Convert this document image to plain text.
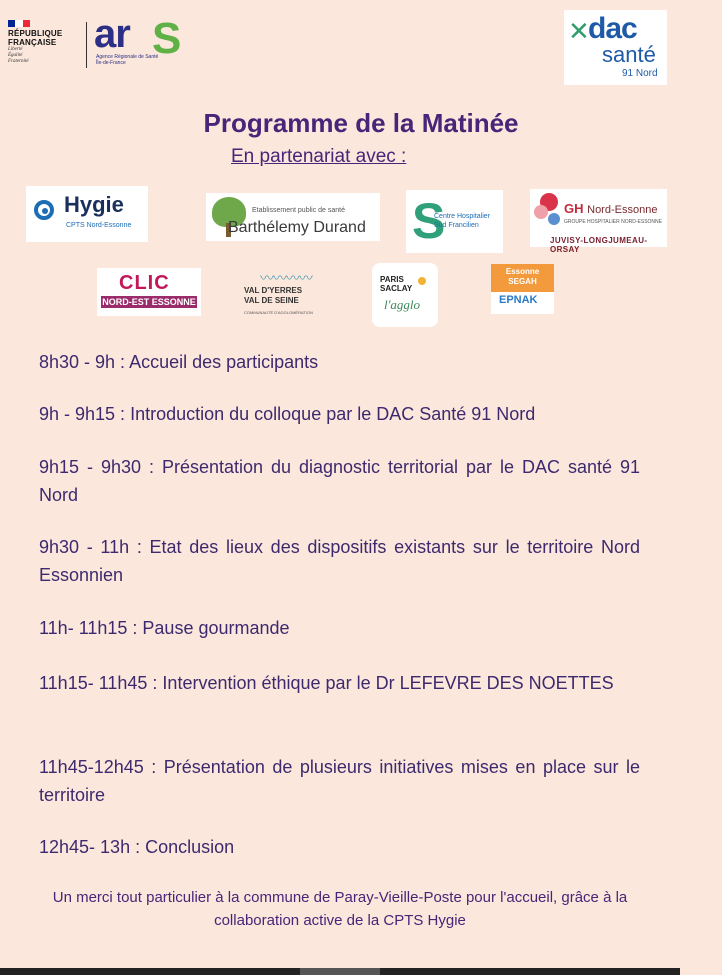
RÉPUBLIQUE
FRANÇAISE
Liberté
Égalité
Fraternité
ar S
Agence Régionale de Santé
Île-de-France
✕
dac
santé
91 Nord
Programme de la Matinée
En partenariat avec :
Hygie
CPTS Nord-Essonne
Etablissement public de santé
Barthélemy Durand S
Centre Hospitalier
Sud Francilien
GH Nord-Essonne
GROUPE HOSPITALIER NORD-ESSONNE
JUVISY-LONGJUMEAU-ORSAY
CLIC
NORD-EST ESSONNE
〰〰〰〰
VAL D'YERRES
VAL DE SEINE
COMMUNAUTÉ D'AGGLOMÉRATION
PARIS
SACLAY
l'agglo
Essonne
SEGAH
EPNAK
8h30 - 9h : Accueil des participants
9h - 9h15 : Introduction du colloque par le DAC Santé 91 Nord
9h15 - 9h30 : Présentation du diagnostic territorial par le DAC santé 91 Nord
9h30 - 11h : Etat des lieux des dispositifs existants sur le territoire Nord Essonnien
11h- 11h15 : Pause gourmande
11h15- 11h45 : Intervention éthique par le Dr LEFEVRE DES NOETTES
11h45-12h45 : Présentation de plusieurs initiatives mises en place sur le territoire
12h45- 13h : Conclusion
Un merci tout particulier à la commune de Paray-Vieille-Poste pour l'accueil, grâce à la collaboration active de la CPTS Hygie
